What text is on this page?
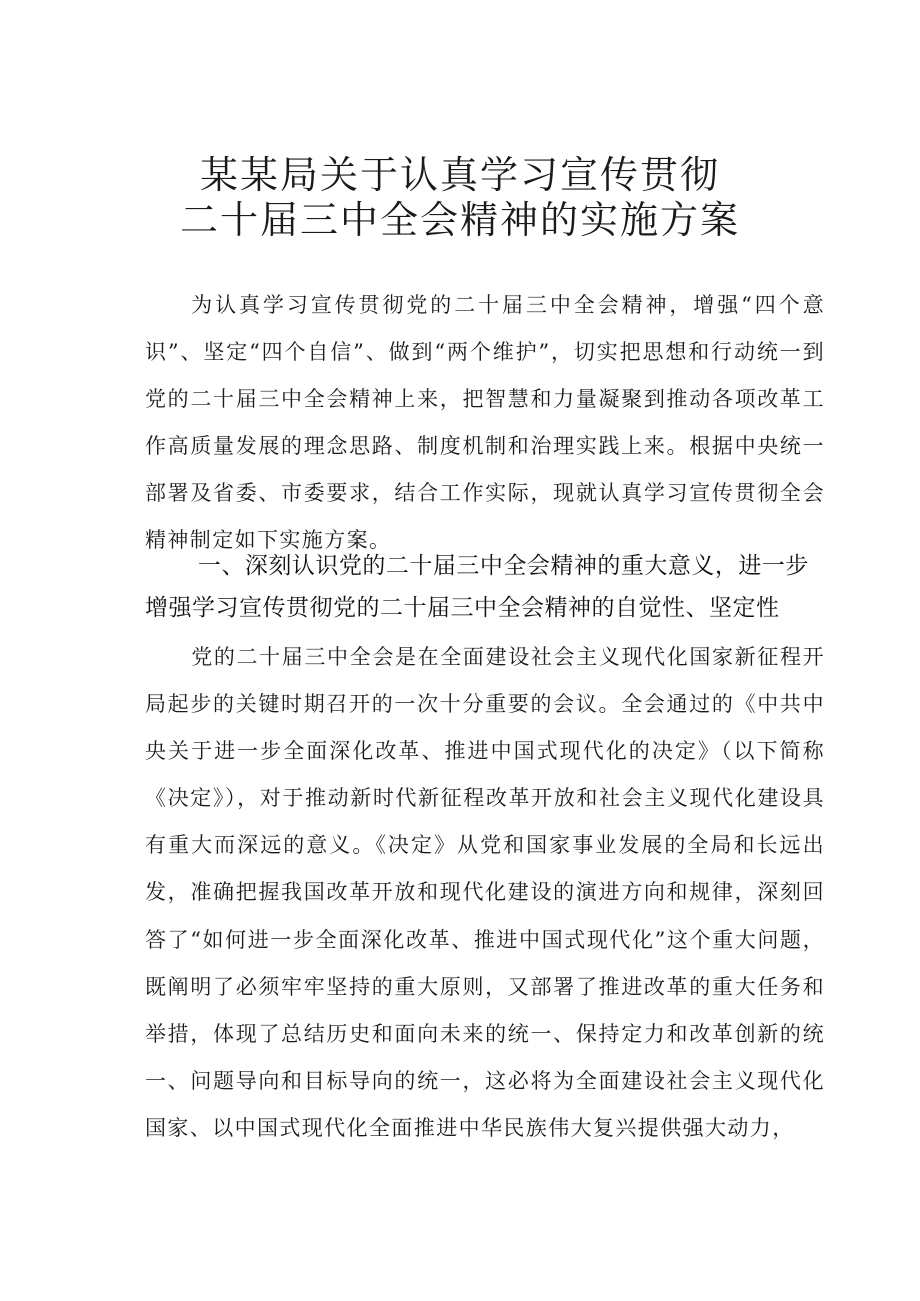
某某局关于认真学习宣传贯彻
二十届三中全会精神的实施方案

为认真学习宣传贯彻党的二十届三中全会精神，增强“四个意识”、坚定“四个自信”、做到“两个维护”，切实把思想和行动统一到党的二十届三中全会精神上来，把智慧和力量凝聚到推动各项改革工作高质量发展的理念思路、制度机制和治理实践上来。根据中央统一部署及省委、市委要求，结合工作实际，现就认真学习宣传贯彻全会精神制定如下实施方案。

一、深刻认识党的二十届三中全会精神的重大意义，进一步增强学习宣传贯彻党的二十届三中全会精神的自觉性、坚定性

党的二十届三中全会是在全面建设社会主义现代化国家新征程开局起步的关键时期召开的一次十分重要的会议。全会通过的《中共中央关于进一步全面深化改革、推进中国式现代化的决定》（以下简称《决定》），对于推动新时代新征程改革开放和社会主义现代化建设具有重大而深远的意义。《决定》从党和国家事业发展的全局和长远出发，准确把握我国改革开放和现代化建设的演进方向和规律，深刻回答了“如何进一步全面深化改革、推进中国式现代化”这个重大问题，既阐明了必须牢牢坚持的重大原则，又部署了推进改革的重大任务和举措，体现了总结历史和面向未来的统一、保持定力和改革创新的统一、问题导向和目标导向的统一，这必将为全面建设社会主义现代化国家、以中国式现代化全面推进中华民族伟大复兴提供强大动力，
